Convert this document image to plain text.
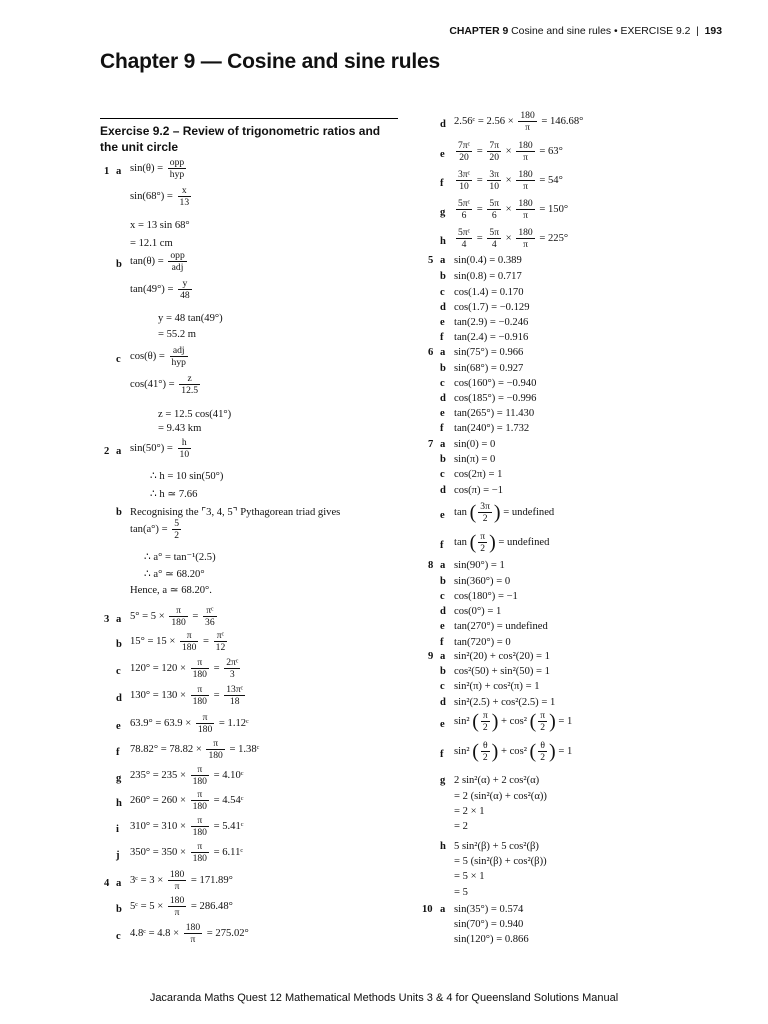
CHAPTER 9 Cosine and sine rules • EXERCISE 9.2  |  193
Chapter 9 — Cosine and sine rules
Exercise 9.2 – Review of trigonometric ratios and the unit circle
1 a sin(θ) =
opp
hyp
$\sin(68^\circ) = \frac{x}{13}$
x = 13 sin 68°
= 12.1 cm
b tan(θ) =
opp
adj
$\tan(49^\circ) = \frac{y}{48}$
y = 48 tan(49°)
= 55.2 m
c cos(θ) =
adj
hyp
$\cos(41^\circ) = \frac{z}{12.5}$
z = 12.5 cos(41°)
= 9.43 km
2 a $\sin(50^\circ) = \frac{h}{10}$
∴ h = 10 sin(50°)
∴ h ≃ 7.66
b Recognising the ⌜3, 4, 5⌝ Pythagorean triad gives
$\tan(a^\circ) = \frac{5}{2}$
∴ a° = tan⁻¹(2.5)
∴ a° ≃ 68.20°
Hence, a ≃ 68.20°.
3 a $5^\circ = 5 \times \frac{\pi}{180} = \frac{\text{πᶜ}}{36}$
b $15^\circ = 15 \times \frac{\pi}{180} = \frac{\text{πᶜ}}{12}$
c $120^\circ = 120 \times \frac{\pi}{180} = \frac{\text{2πᶜ}}{3}$
d $130^\circ = 130 \times \frac{\pi}{180} = \frac{\text{13πᶜ}}{18}$
e $63.9^\circ = 63.9 \times \frac{\pi}{180}$ = 1.12ᶜ
f $78.82^\circ = 78.82 \times \frac{\pi}{180}$ = 1.38ᶜ
g $235^\circ = 235 \times \frac{\pi}{180}$ = 4.10ᶜ
h $260^\circ = 260 \times \frac{\pi}{180}$ = 4.54ᶜ
i $310^\circ = 310 \times \frac{\pi}{180}$ = 5.41ᶜ
j $350^\circ = 350 \times \frac{\pi}{180}$ = 6.11ᶜ
4 a 3ᶜ = $3 \times \frac{180}{\pi} = 171.89^\circ$
b 5ᶜ = $5 \times \frac{180}{\pi} = 286.48^\circ$
c 4.8ᶜ = $4.8 \times \frac{180}{\pi} = 275.02^\circ$
d 2.56ᶜ = $2.56 \times \frac{180}{\pi} = 146.68^\circ$
e $\frac{\text{7πᶜ}}{20} = \frac{7\pi}{20} \times \frac{180}{\pi} = 63^\circ$
f $\frac{\text{3πᶜ}}{10} = \frac{3\pi}{10} \times \frac{180}{\pi} = 54^\circ$
g $\frac{\text{5πᶜ}}{6} = \frac{5\pi}{6} \times \frac{180}{\pi} = 150^\circ$
h $\frac{\text{5πᶜ}}{4} = \frac{5\pi}{4} \times \frac{180}{\pi} = 225^\circ$
5 a sin(0.4) = 0.389
b sin(0.8) = 0.717
c cos(1.4) = 0.170
d cos(1.7) = −0.129
e tan(2.9) = −0.246
f tan(2.4) = −0.916
6 a sin(75°) = 0.966
b sin(68°) = 0.927
c cos(160°) = −0.940
d cos(185°) = −0.996
e tan(265°) = 11.430
f tan(240°) = 1.732
7 a sin(0) = 0
b sin(π) = 0
c cos(2π) = 1
d cos(π) = −1
e tan ( $\frac{3\pi}{2}$ ) = undefined
f tan ( $\frac{\pi}{2}$ ) = undefined
8 a sin(90°) = 1
b sin(360°) = 0
c cos(180°) = −1
d cos(0°) = 1
e tan(270°) = undefined
f tan(720°) = 0
9 a sin²(20) + cos²(20) = 1
b cos²(50) + sin²(50) = 1
c sin²(π) + cos²(π) = 1
d sin²(2.5) + cos²(2.5) = 1
e sin² ( $\frac{\pi}{2}$ ) + cos² ( $\frac{\pi}{2}$ ) = 1
f sin² ( $\frac{\theta}{2}$ ) + cos² ( $\frac{\theta}{2}$ ) = 1
g 2 sin²(α) + 2 cos²(α)
= 2 (sin²(α) + cos²(α))
= 2 × 1
= 2
h 5 sin²(β) + 5 cos²(β)
= 5 (sin²(β) + cos²(β))
= 5 × 1
= 5
10 a sin(35°) = 0.574
sin(70°) = 0.940
sin(120°) = 0.866
Jacaranda Maths Quest 12 Mathematical Methods Units 3 & 4 for Queensland Solutions Manual
